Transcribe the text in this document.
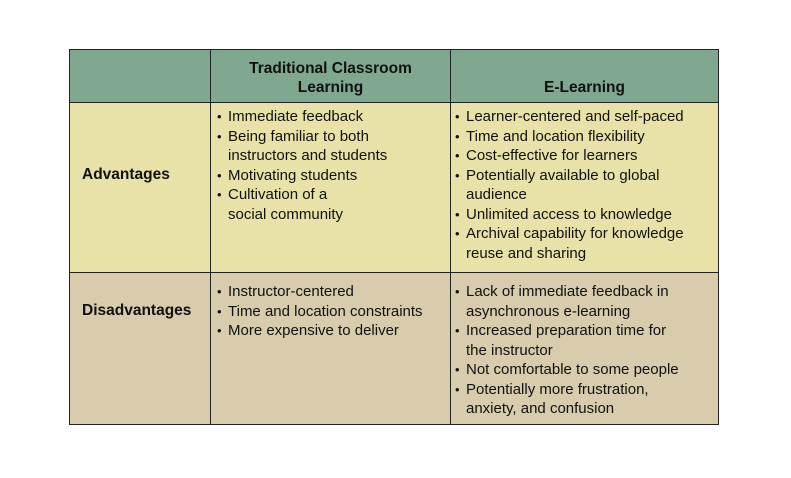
Traditional Classroom
Learning	E-Learning
Advantages
Disadvantages
• Immediate feedback
• Being familiar to both
instructors and students
• Motivating students
• Cultivation of a
social community
• Learner-centered and self-paced
• Time and location flexibility
• Cost-effective for learners
• Potentially available to global
audience
• Unlimited access to knowledge
• Archival capability for knowledge
reuse and sharing
• Instructor-centered
• Time and location constraints
• More expensive to deliver
• Lack of immediate feedback in
asynchronous e-learning
• Increased preparation time for
the instructor
• Not comfortable to some people
• Potentially more frustration,
anxiety, and confusion
